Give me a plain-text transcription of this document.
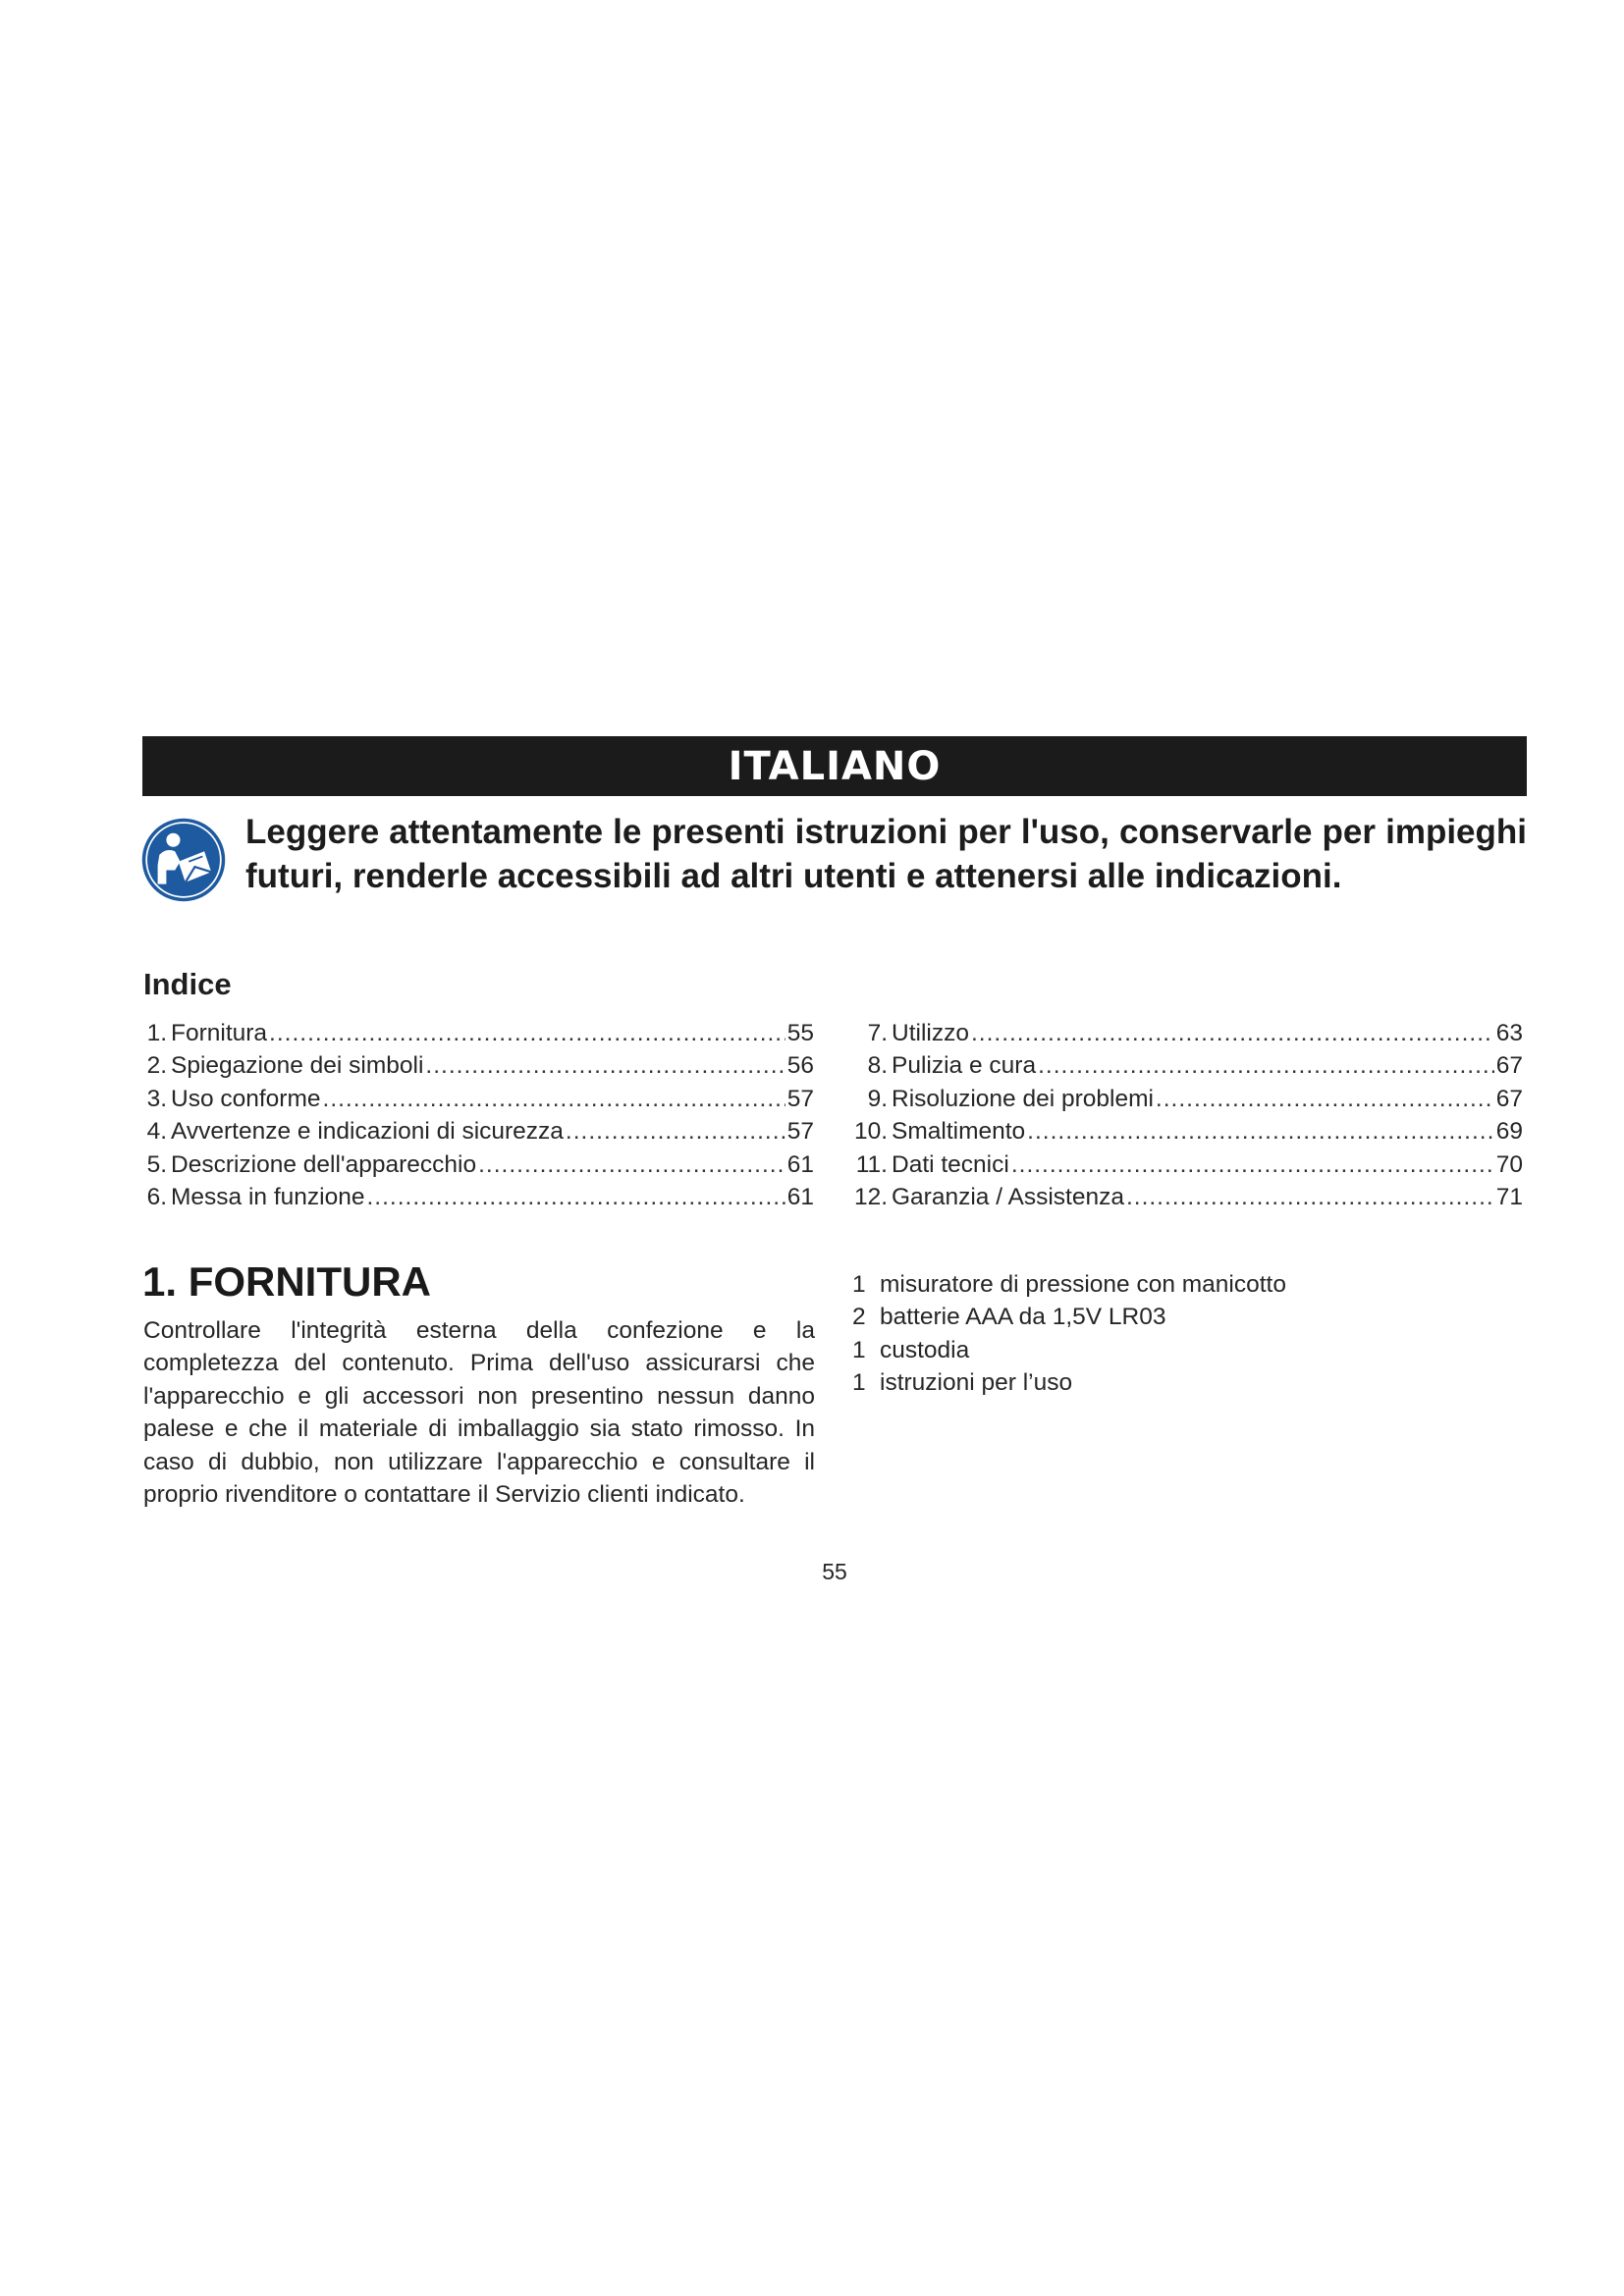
ITALIANO
Leggere attentamente le presenti istruzioni per l'uso, conservarle per impieghi futuri, renderle accessibili ad altri utenti e attenersi alle indicazioni.
Indice
1. Fornitura .....	55
2. Spiegazione dei simboli .....	56
3. Uso conforme .....	57
4. Avvertenze e indicazioni di sicurezza .....	57
5. Descrizione dell'apparecchio .....	61
6. Messa in funzione .....	61
7. Utilizzo .....	63
8. Pulizia e cura .....	67
9. Risoluzione dei problemi .....	67
10. Smaltimento .....	69
11. Dati tecnici .....	70
12. Garanzia / Assistenza .....	71
1. FORNITURA
Controllare l'integrità esterna della confezione e la completezza del contenuto. Prima dell'uso assicurarsi che l'apparecchio e gli accessori non presentino nessun danno palese e che il materiale di imballaggio sia stato rimosso. In caso di dubbio, non utilizzare l'apparecchio e consultare il proprio rivenditore o contattare il Servizio clienti indicato.
1 misuratore di pressione con manicotto
2 batterie AAA da 1,5V LR03
1 custodia
1 istruzioni per l’uso
55
